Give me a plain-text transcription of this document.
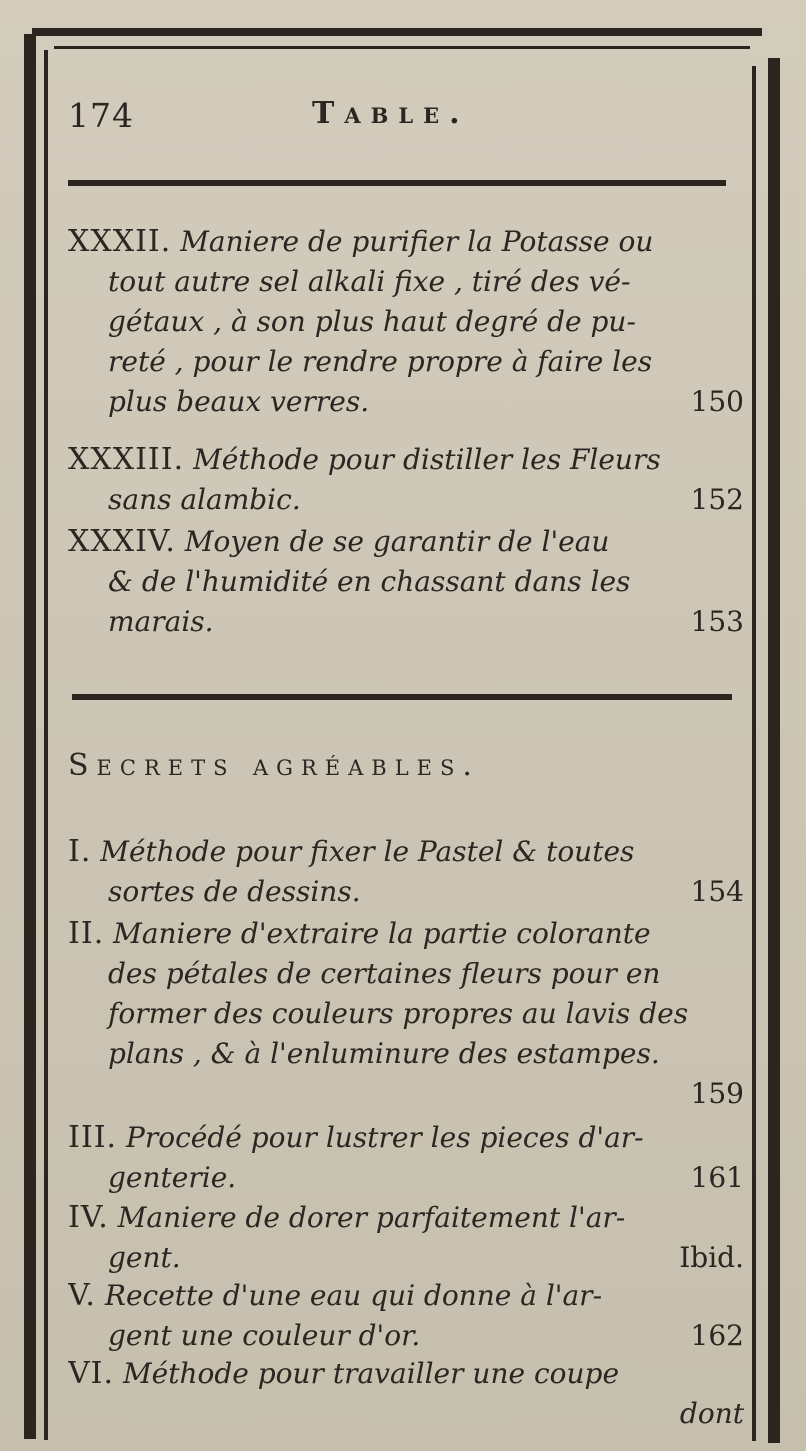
174	Table.
XXXII. Maniere de purifier la Potasse ou
tout autre sel alkali fixe , tiré des vé-
gétaux , à son plus haut degré de pu-
reté , pour le rendre propre à faire les
plus beaux verres.	150
XXXIII. Méthode pour distiller les Fleurs
sans alambic.	152
XXXIV. Moyen de se garantir de l'eau
& de l'humidité en chassant dans les
marais.	153
Secrets agréables.
I. Méthode pour fixer le Pastel & toutes
sortes de dessins.	154
II. Maniere d'extraire la partie colorante
des pétales de certaines fleurs pour en
former des couleurs propres au lavis des
plans , & à l'enluminure des estampes.
159
III. Procédé pour lustrer les pieces d'ar-
genterie.	161
IV. Maniere de dorer parfaitement l'ar-
gent.	Ibid.
V. Recette d'une eau qui donne à l'ar-
gent une couleur d'or.	162
VI. Méthode pour travailler une coupe
dont
